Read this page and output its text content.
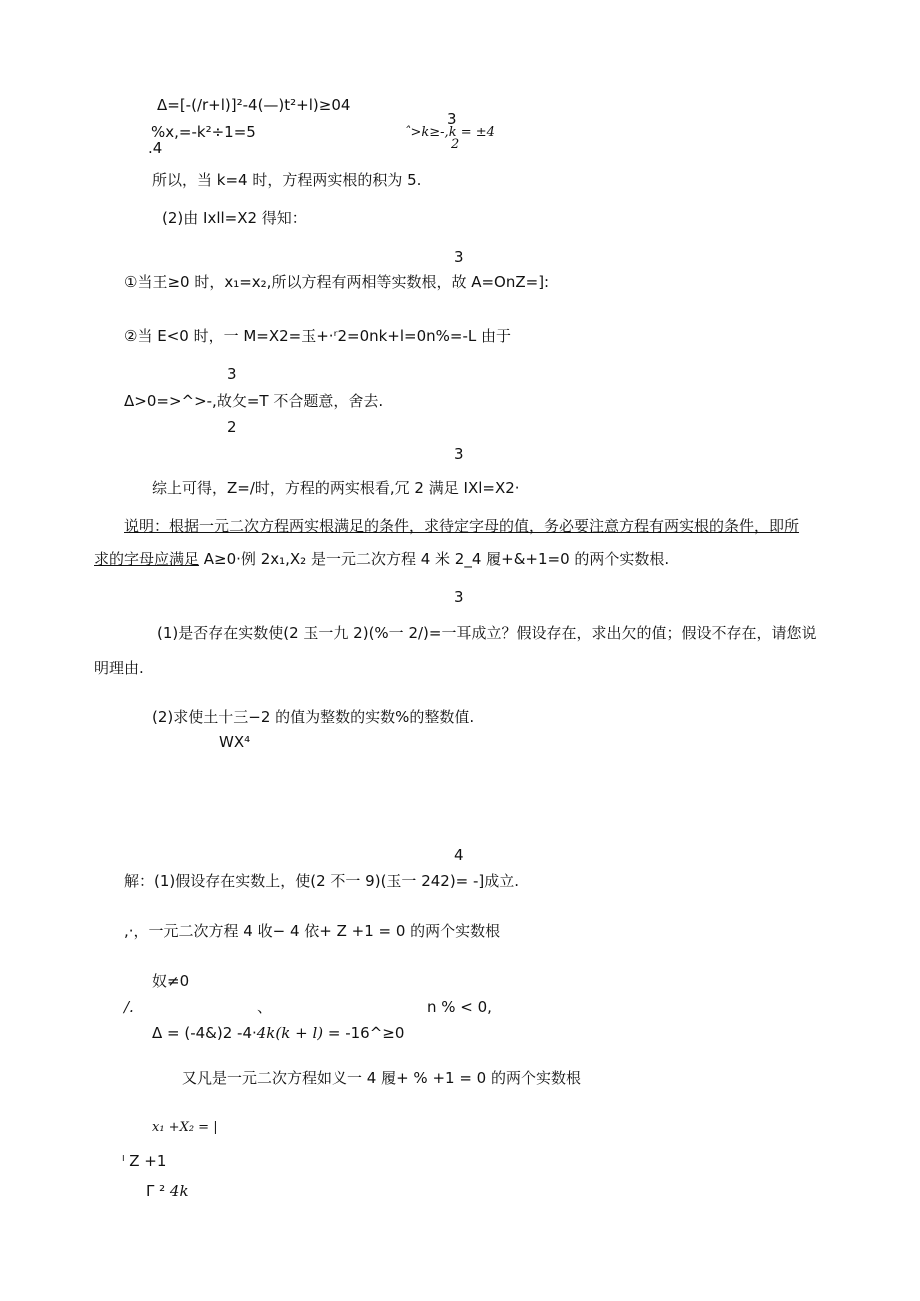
Δ=[-(/r+l)]²-4(—)t²+l)≥04
%x,=-k²÷1=5
3
ˆ>k≥-,k = ±4
.4	2
所以，当 k=4 时，方程两实根的积为 5.
(2)由 Ixll=X2 得知：
3
①当王≥0 时，x₁=x₂,所以方程有两相等实数根，故 A=OnZ=]:
②当 E<0 时，一 M=X2=玉+·ʳ2=0nk+l=0n%=-L 由于
3
Δ>0=>^>-,故攵=T 不合题意，舍去.
2
3
综上可得，Z=/时，方程的两实根看,冗 2 满足 IXl=X2·
说明：根据一元二次方程两实根满足的条件，求待定字母的值，务必要注意方程有两实根的条件，即所
求的字母应满足 A≥0·例 2x₁,X₂ 是一元二次方程 4 米 2_4 履+&+1=0 的两个实数根.
3
(1)是否存在实数使(2 玉一九 2)(%一 2/)=一耳成立？假设存在，求出欠的值；假设不存在，请您说
明理由.
(2)求使土十三−2 的值为整数的实数%的整数值.
WX⁴
4
解：(1)假设存在实数上，使(2 不一 9)(玉一 242)= -]成立.
,·，一元二次方程 4 收− 4 依+ Z +1 = 0 的两个实数根
奴≠0
/.	、	n % < 0,
Δ = (-4&)2 -4·4k(k + l) = -16^≥0
又凡是一元二次方程如义一 4 履+ % +1 = 0 的两个实数根
x₁ +X₂ = |
ˡ Z +1
Γ ² 4k
